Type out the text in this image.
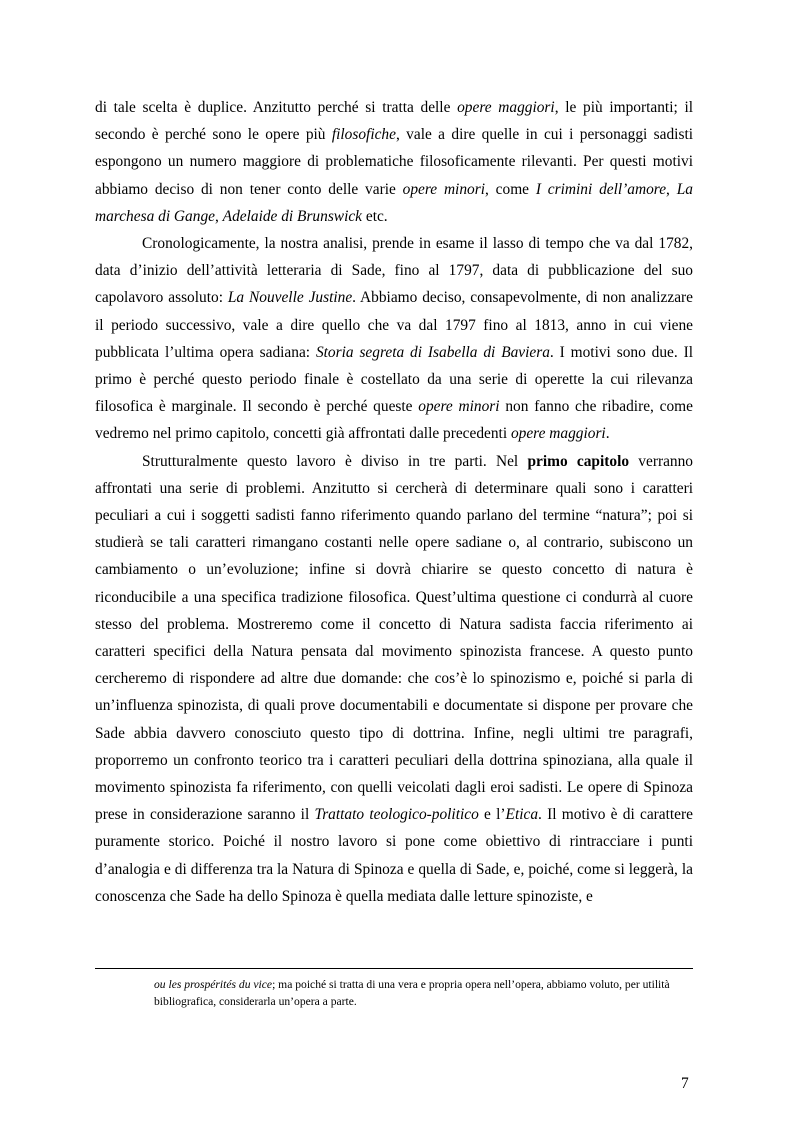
di tale scelta è duplice. Anzitutto perché si tratta delle opere maggiori, le più importanti; il secondo è perché sono le opere più filosofiche, vale a dire quelle in cui i personaggi sadisti espongono un numero maggiore di problematiche filosoficamente rilevanti. Per questi motivi abbiamo deciso di non tener conto delle varie opere minori, come I crimini dell’amore, La marchesa di Gange, Adelaide di Brunswick etc.

Cronologicamente, la nostra analisi, prende in esame il lasso di tempo che va dal 1782, data d’inizio dell’attività letteraria di Sade, fino al 1797, data di pubblicazione del suo capolavoro assoluto: La Nouvelle Justine. Abbiamo deciso, consapevolmente, di non analizzare il periodo successivo, vale a dire quello che va dal 1797 fino al 1813, anno in cui viene pubblicata l’ultima opera sadiana: Storia segreta di Isabella di Baviera. I motivi sono due. Il primo è perché questo periodo finale è costellato da una serie di operette la cui rilevanza filosofica è marginale. Il secondo è perché queste opere minori non fanno che ribadire, come vedremo nel primo capitolo, concetti già affrontati dalle precedenti opere maggiori.

Strutturalmente questo lavoro è diviso in tre parti. Nel primo capitolo verranno affrontati una serie di problemi. Anzitutto si cercherà di determinare quali sono i caratteri peculiari a cui i soggetti sadisti fanno riferimento quando parlano del termine “natura”; poi si studierà se tali caratteri rimangano costanti nelle opere sadiane o, al contrario, subiscono un cambiamento o un’evoluzione; infine si dovrà chiarire se questo concetto di natura è riconducibile a una specifica tradizione filosofica. Quest’ultima questione ci condurrà al cuore stesso del problema. Mostreremo come il concetto di Natura sadista faccia riferimento ai caratteri specifici della Natura pensata dal movimento spinozista francese. A questo punto cercheremo di rispondere ad altre due domande: che cos’è lo spinozismo e, poiché si parla di un’influenza spinozista, di quali prove documentabili e documentate si dispone per provare che Sade abbia davvero conosciuto questo tipo di dottrina. Infine, negli ultimi tre paragrafi, proporremo un confronto teorico tra i caratteri peculiari della dottrina spinoziana, alla quale il movimento spinozista fa riferimento, con quelli veicolati dagli eroi sadisti. Le opere di Spinoza prese in considerazione saranno il Trattato teologico-politico e l’Etica. Il motivo è di carattere puramente storico. Poiché il nostro lavoro si pone come obiettivo di rintracciare i punti d’analogia e di differenza tra la Natura di Spinoza e quella di Sade, e, poiché, come si leggerà, la conoscenza che Sade ha dello Spinoza è quella mediata dalle letture spinoziste, e

ou les prospérités du vice; ma poiché si tratta di una vera e propria opera nell’opera, abbiamo voluto, per utilità bibliografica, considerarla un’opera a parte.

7
